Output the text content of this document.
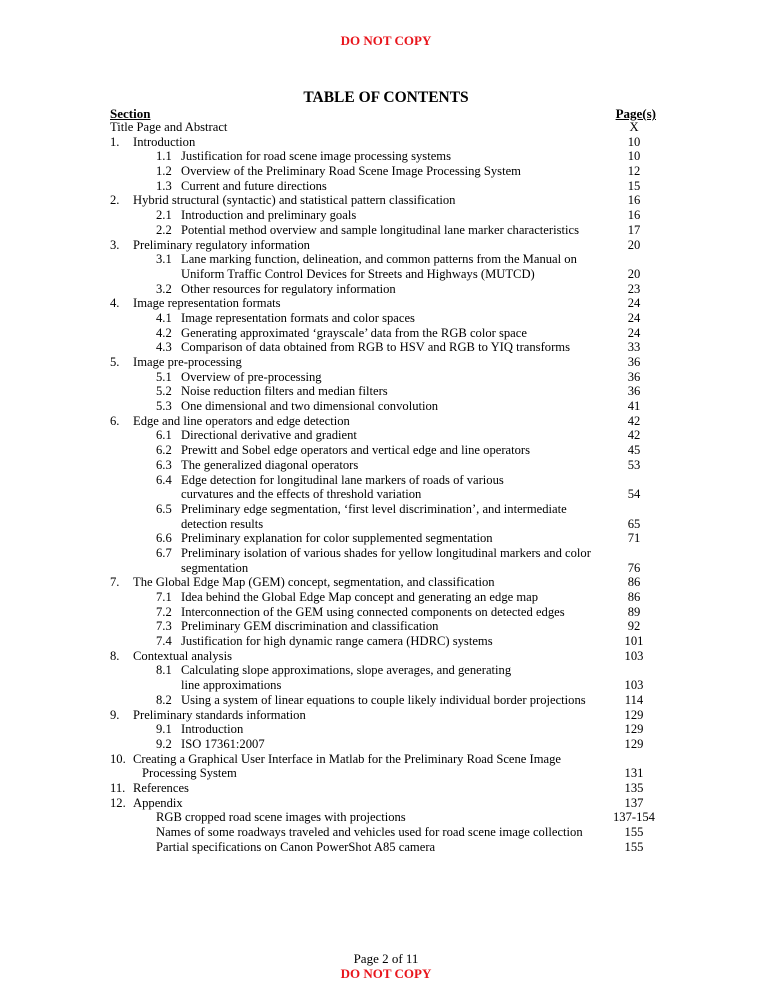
DO NOT COPY
TABLE OF CONTENTS
Section	Page(s)
Title Page and Abstract	X
1. Introduction	10
1.1 Justification for road scene image processing systems	10
1.2 Overview of the Preliminary Road Scene Image Processing System	12
1.3 Current and future directions	15
2. Hybrid structural (syntactic) and statistical pattern classification	16
2.1 Introduction and preliminary goals	16
2.2 Potential method overview and sample longitudinal lane marker characteristics	17
3. Preliminary regulatory information	20
3.1 Lane marking function, delineation, and common patterns from the Manual on
Uniform Traffic Control Devices for Streets and Highways (MUTCD)	20
3.2 Other resources for regulatory information	23
4. Image representation formats	24
4.1 Image representation formats and color spaces	24
4.2 Generating approximated ‘grayscale’ data from the RGB color space	24
4.3 Comparison of data obtained from RGB to HSV and RGB to YIQ transforms	33
5. Image pre-processing	36
5.1 Overview of pre-processing	36
5.2 Noise reduction filters and median filters	36
5.3 One dimensional and two dimensional convolution	41
6. Edge and line operators and edge detection	42
6.1 Directional derivative and gradient	42
6.2 Prewitt and Sobel edge operators and vertical edge and line operators	45
6.3 The generalized diagonal operators	53
6.4 Edge detection for longitudinal lane markers of roads of various
curvatures and the effects of threshold variation	54
6.5 Preliminary edge segmentation, ‘first level discrimination’, and intermediate
detection results	65
6.6 Preliminary explanation for color supplemented segmentation	71
6.7 Preliminary isolation of various shades for yellow longitudinal markers and color
segmentation	76
7. The Global Edge Map (GEM) concept, segmentation, and classification	86
7.1 Idea behind the Global Edge Map concept and generating an edge map	86
7.2 Interconnection of the GEM using connected components on detected edges	89
7.3 Preliminary GEM discrimination and classification	92
7.4 Justification for high dynamic range camera (HDRC) systems	101
8. Contextual analysis	103
8.1 Calculating slope approximations, slope averages, and generating
line approximations	103
8.2 Using a system of linear equations to couple likely individual border projections	114
9. Preliminary standards information	129
9.1 Introduction	129
9.2 ISO 17361:2007	129
10. Creating a Graphical User Interface in Matlab for the Preliminary Road Scene Image
Processing System	131
11. References	135
12. Appendix	137
RGB cropped road scene images with projections	137-154
Names of some roadways traveled and vehicles used for road scene image collection	155
Partial specifications on Canon PowerShot A85 camera	155
Page 2 of 11
DO NOT COPY
